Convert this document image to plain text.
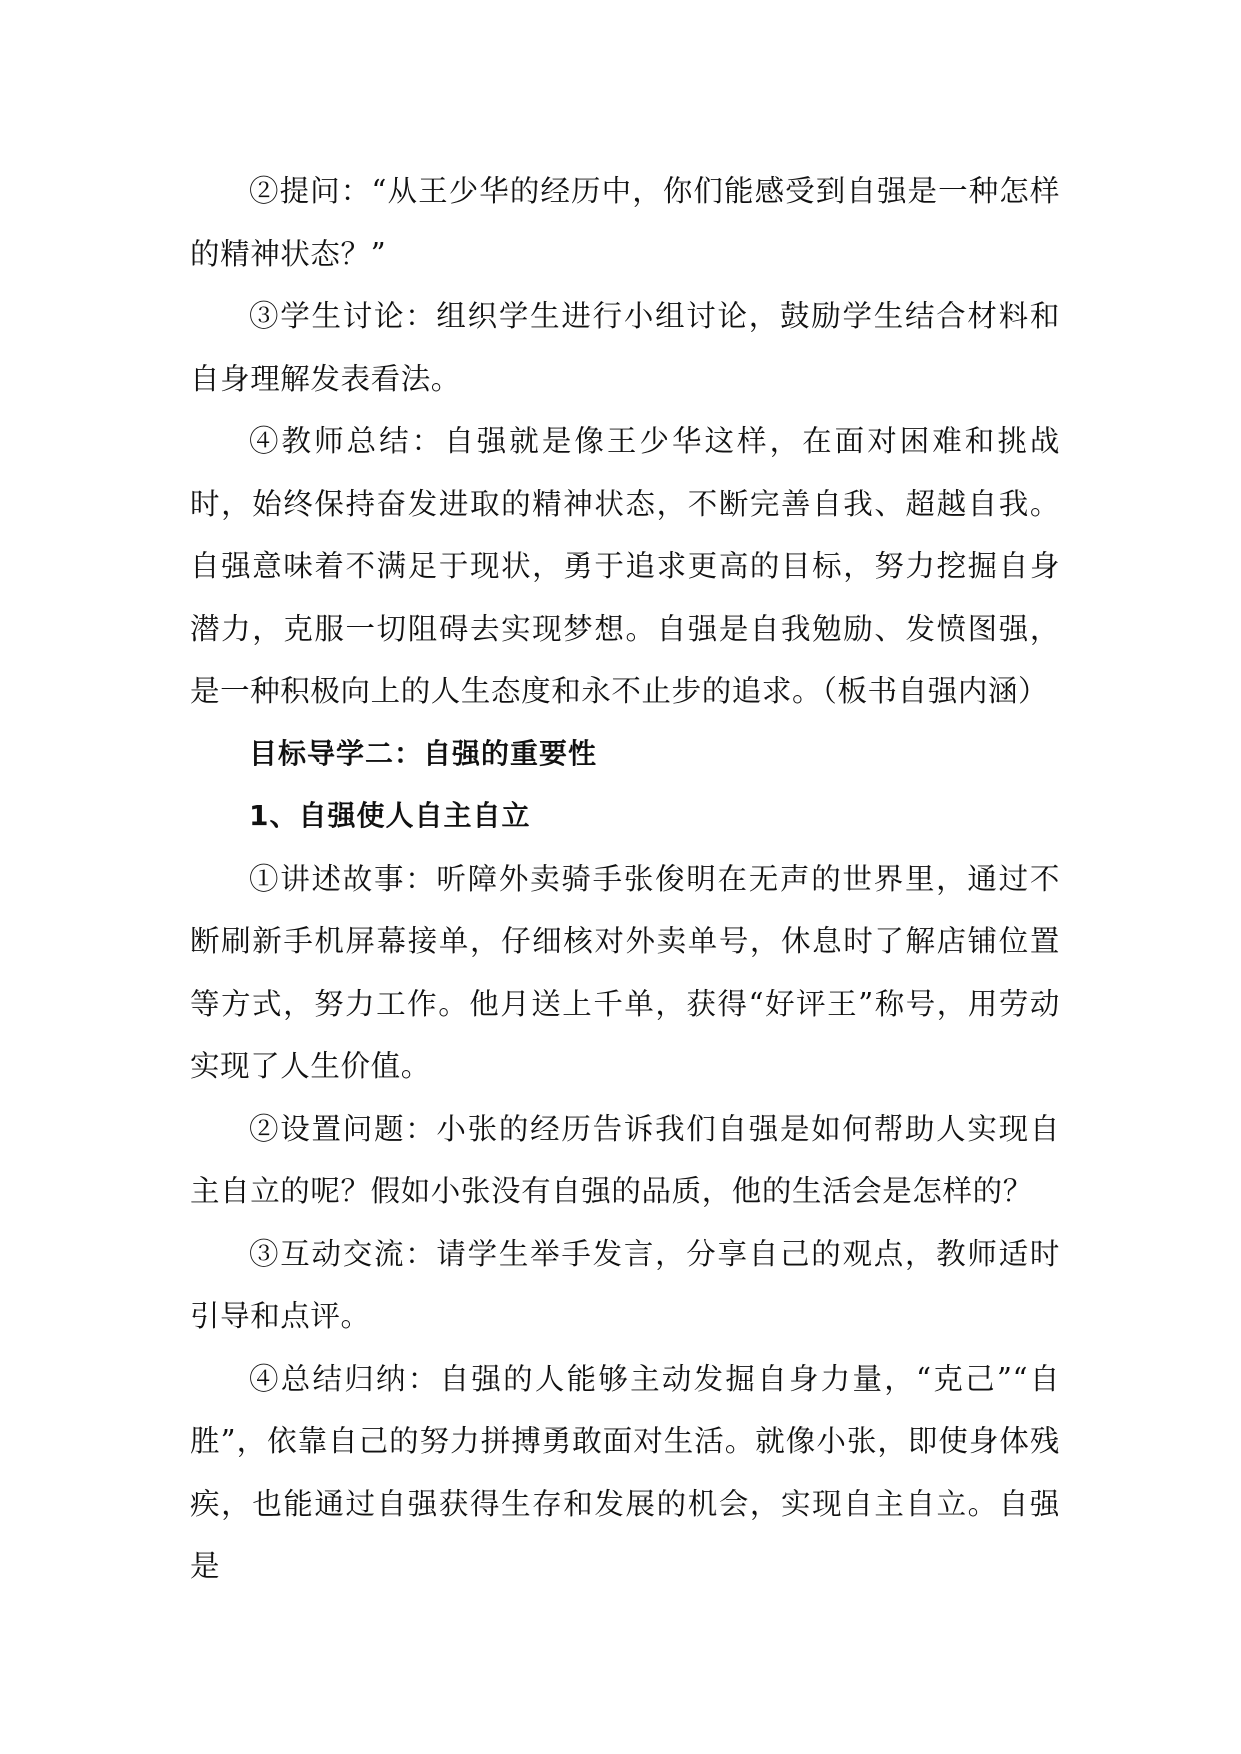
②提问：“从王少华的经历中，你们能感受到自强是一种怎样的精神状态？”

③学生讨论：组织学生进行小组讨论，鼓励学生结合材料和自身理解发表看法。

④教师总结：自强就是像王少华这样，在面对困难和挑战时，始终保持奋发进取的精神状态，不断完善自我、超越自我。自强意味着不满足于现状，勇于追求更高的目标，努力挖掘自身潜力，克服一切阻碍去实现梦想。自强是自我勉励、发愤图强，是一种积极向上的人生态度和永不止步的追求。（板书自强内涵）

目标导学二：自强的重要性

1、自强使人自主自立

①讲述故事：听障外卖骑手张俊明在无声的世界里，通过不断刷新手机屏幕接单，仔细核对外卖单号，休息时了解店铺位置等方式，努力工作。他月送上千单，获得“好评王”称号，用劳动实现了人生价值。

②设置问题：小张的经历告诉我们自强是如何帮助人实现自主自立的呢？假如小张没有自强的品质，他的生活会是怎样的？

③互动交流：请学生举手发言，分享自己的观点，教师适时引导和点评。

④总结归纳：自强的人能够主动发掘自身力量，“克己”“自胜”，依靠自己的努力拼搏勇敢面对生活。就像小张，即使身体残疾，也能通过自强获得生存和发展的机会，实现自主自立。自强是
